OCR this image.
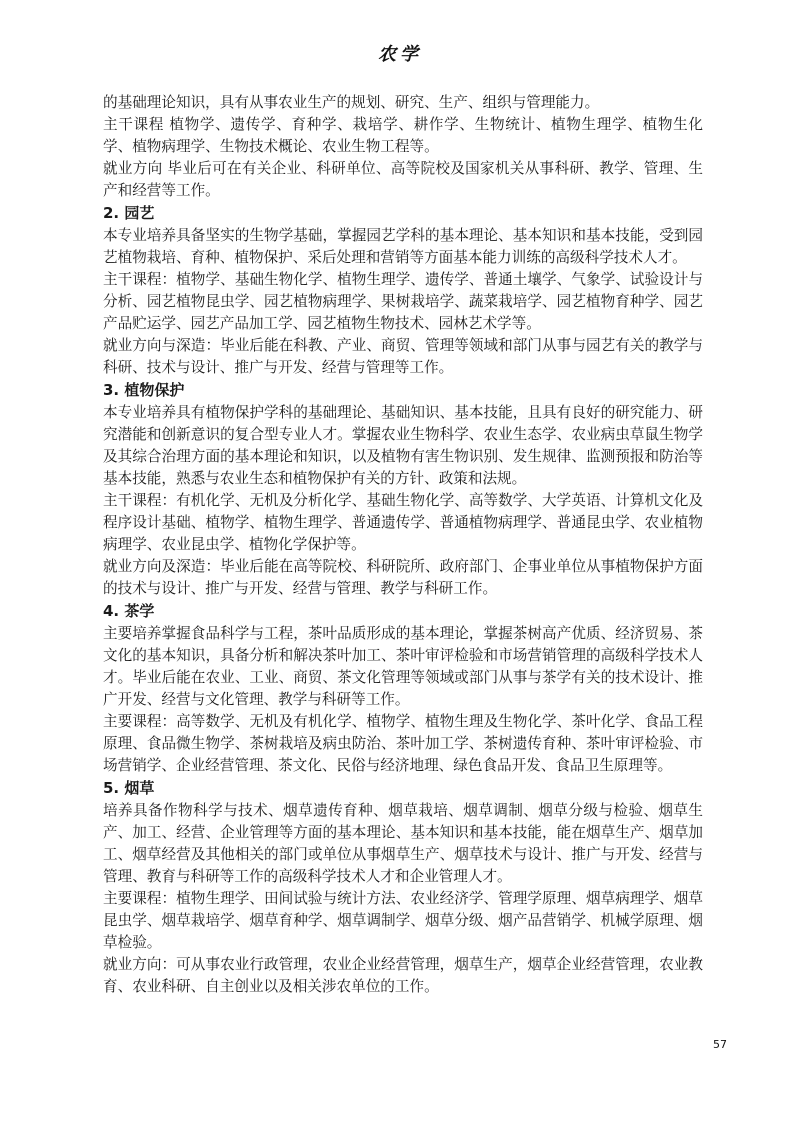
农学

的基础理论知识，具有从事农业生产的规划、研究、生产、组织与管理能力。

主干课程 植物学、遗传学、育种学、栽培学、耕作学、生物统计、植物生理学、植物生化学、植物病理学、生物技术概论、农业生物工程等。

就业方向 毕业后可在有关企业、科研单位、高等院校及国家机关从事科研、教学、管理、生产和经营等工作。

2. 园艺

本专业培养具备坚实的生物学基础，掌握园艺学科的基本理论、基本知识和基本技能，受到园艺植物栽培、育种、植物保护、采后处理和营销等方面基本能力训练的高级科学技术人才。

主干课程：植物学、基础生物化学、植物生理学、遗传学、普通土壤学、气象学、试验设计与分析、园艺植物昆虫学、园艺植物病理学、果树栽培学、蔬菜栽培学、园艺植物育种学、园艺产品贮运学、园艺产品加工学、园艺植物生物技术、园林艺术学等。

就业方向与深造：毕业后能在科教、产业、商贸、管理等领域和部门从事与园艺有关的教学与科研、技术与设计、推广与开发、经营与管理等工作。

3. 植物保护

本专业培养具有植物保护学科的基础理论、基础知识、基本技能，且具有良好的研究能力、研究潜能和创新意识的复合型专业人才。掌握农业生物科学、农业生态学、农业病虫草鼠生物学及其综合治理方面的基本理论和知识，以及植物有害生物识别、发生规律、监测预报和防治等基本技能，熟悉与农业生态和植物保护有关的方针、政策和法规。

主干课程：有机化学、无机及分析化学、基础生物化学、高等数学、大学英语、计算机文化及程序设计基础、植物学、植物生理学、普通遗传学、普通植物病理学、普通昆虫学、农业植物病理学、农业昆虫学、植物化学保护等。

就业方向及深造：毕业后能在高等院校、科研院所、政府部门、企事业单位从事植物保护方面的技术与设计、推广与开发、经营与管理、教学与科研工作。

4. 茶学

主要培养掌握食品科学与工程，茶叶品质形成的基本理论，掌握茶树高产优质、经济贸易、茶文化的基本知识，具备分析和解决茶叶加工、茶叶审评检验和市场营销管理的高级科学技术人才。毕业后能在农业、工业、商贸、茶文化管理等领域或部门从事与茶学有关的技术设计、推广开发、经营与文化管理、教学与科研等工作。

主要课程：高等数学、无机及有机化学、植物学、植物生理及生物化学、茶叶化学、食品工程原理、食品微生物学、茶树栽培及病虫防治、茶叶加工学、茶树遗传育种、茶叶审评检验、市场营销学、企业经营管理、茶文化、民俗与经济地理、绿色食品开发、食品卫生原理等。

5. 烟草

培养具备作物科学与技术、烟草遗传育种、烟草栽培、烟草调制、烟草分级与检验、烟草生产、加工、经营、企业管理等方面的基本理论、基本知识和基本技能，能在烟草生产、烟草加工、烟草经营及其他相关的部门或单位从事烟草生产、烟草技术与设计、推广与开发、经营与管理、教育与科研等工作的高级科学技术人才和企业管理人才。

主要课程：植物生理学、田间试验与统计方法、农业经济学、管理学原理、烟草病理学、烟草昆虫学、烟草栽培学、烟草育种学、烟草调制学、烟草分级、烟产品营销学、机械学原理、烟草检验。

就业方向：可从事农业行政管理，农业企业经营管理，烟草生产，烟草企业经营管理，农业教育、农业科研、自主创业以及相关涉农单位的工作。

57
